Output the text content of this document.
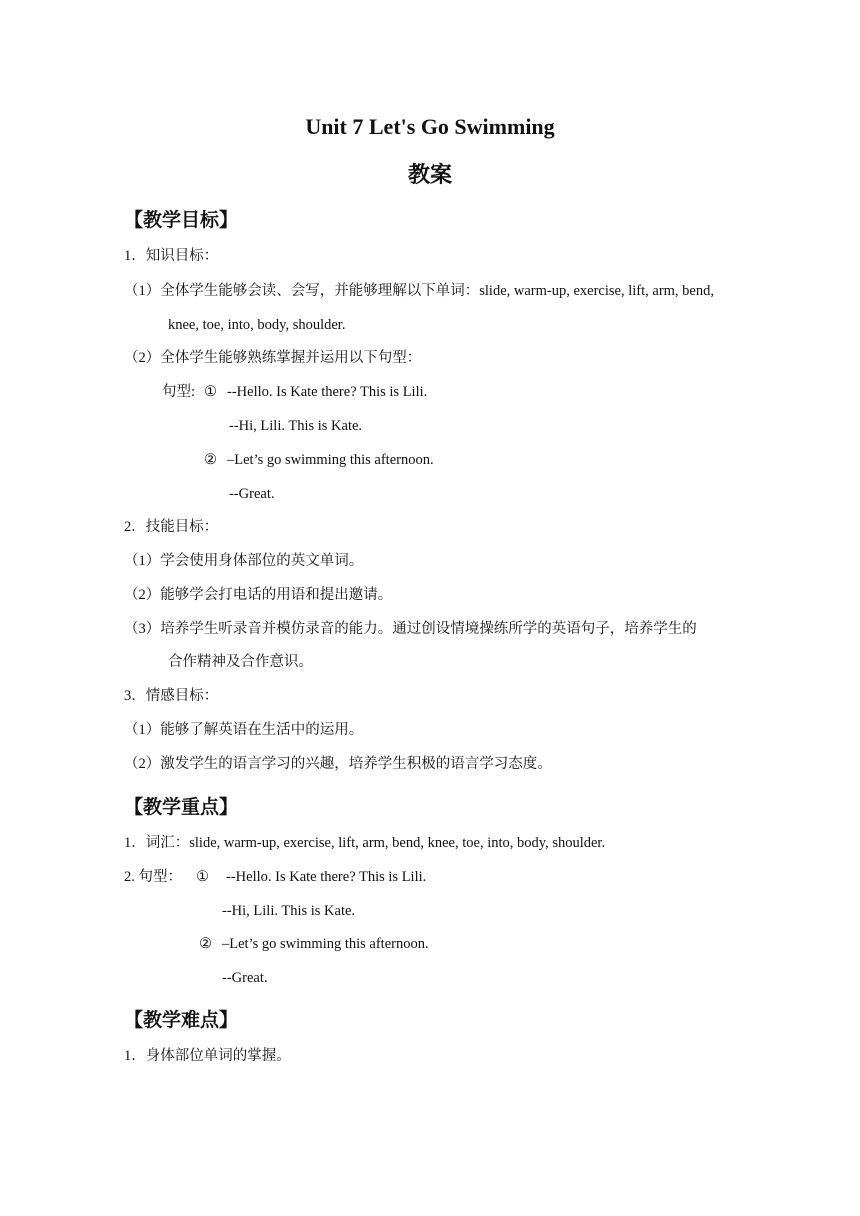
Unit 7 Let's Go Swimming
教案
【教学目标】
1．知识目标：
（1）全体学生能够会读、会写，并能够理解以下单词：slide, warm-up, exercise, lift, arm, bend,
knee, toe, into, body, shoulder.
（2）全体学生能够熟练掌握并运用以下句型：
句型: ① --Hello. Is Kate there? This is Lili.
--Hi, Lili. This is Kate.
② –Let’s go swimming this afternoon.
--Great.
2．技能目标：
（1）学会使用身体部位的英文单词。
（2）能够学会打电话的用语和提出邀请。
（3）培养学生听录音并模仿录音的能力。通过创设情境操练所学的英语句子，培养学生的
合作精神及合作意识。
3．情感目标：
（1）能够了解英语在生活中的运用。
（2）激发学生的语言学习的兴趣，培养学生积极的语言学习态度。
【教学重点】
1．词汇：slide, warm-up, exercise, lift, arm, bend, knee, toe, into, body, shoulder.
2. 句型： ① --Hello. Is Kate there? This is Lili.
--Hi, Lili. This is Kate.
② –Let’s go swimming this afternoon.
--Great.
【教学难点】
1．身体部位单词的掌握。
